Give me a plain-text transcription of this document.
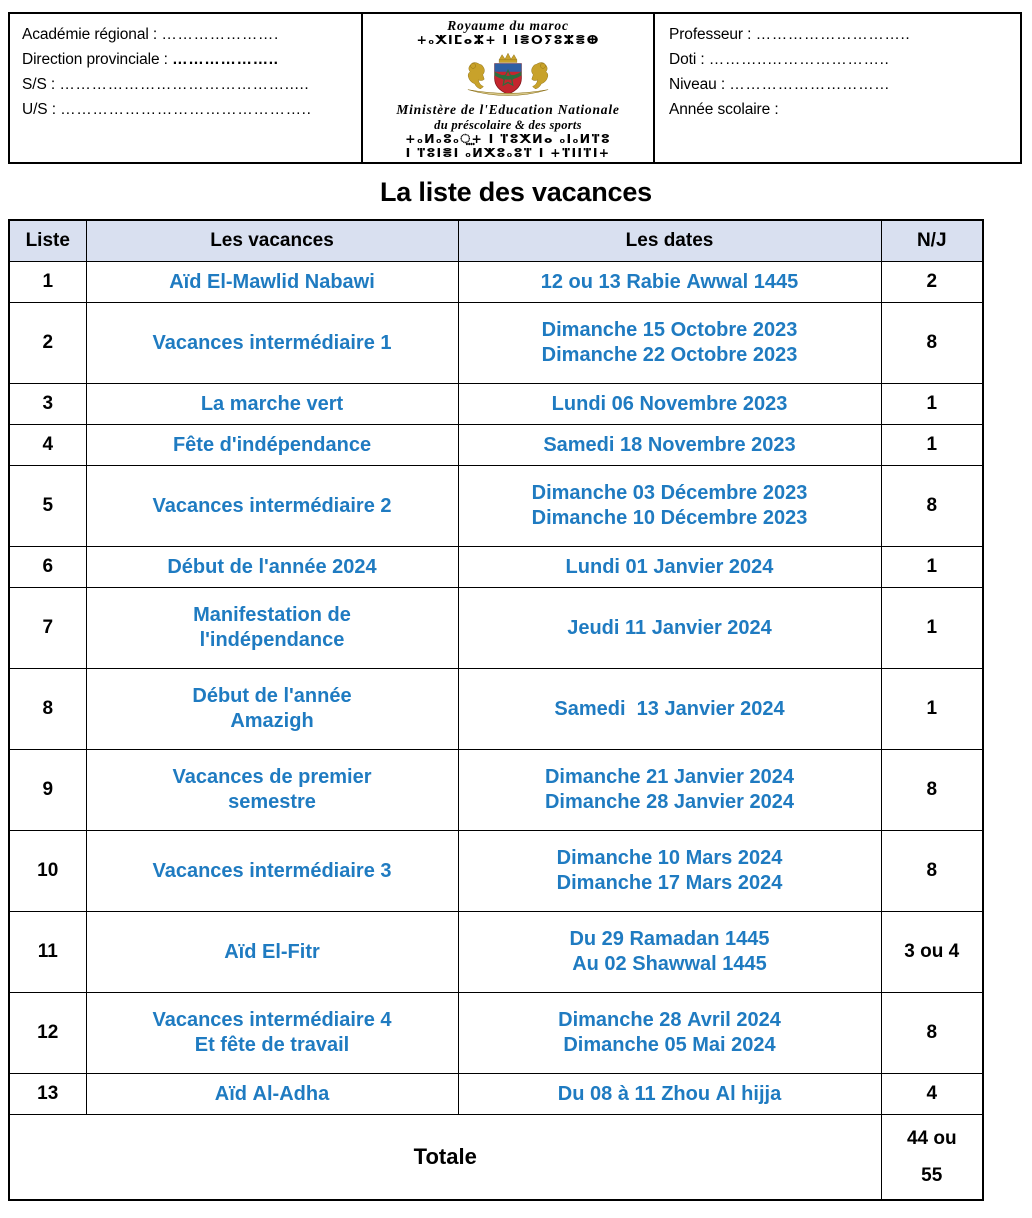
Académie régional : ………………….
Direction provinciale : ………………..
S/S : …………………………………….....
U/S : ………………………………………..
Royaume du maroc
+ₒⵅⵏⵎⴰⵣ+ Ⅰ ⵏⴻⵔⵢⵓⵣⴻⴲ
Ministère de l'Education Nationale
du préscolaire & des sports
+ₒⵍₒⵓₒ⵿+ Ⅰ ⴶⵓⵅⵍⴰ ₒⅠₒⵍⴶⵓ
ⵏ ⴶⵓⵏⴻⵏ ₒⵍⵅⵓₒⵓⴶ ⵏ +ⴶⅠⅠⴶⅠ+
Professeur : ………………………..
Doti : ………..…………………..
Niveau : …………………………
Année scolaire :
La liste des vacances
Liste	Les vacances	Les dates	N/J
1	Aïd El-Mawlid Nabawi	12 ou 13 Rabie Awwal 1445	2
2	Vacances intermédiaire 1	Dimanche 15 Octobre 2023
Dimanche 22 Octobre 2023	8
3	La marche vert	Lundi 06 Novembre 2023	1
4	Fête d'indépendance	Samedi 18 Novembre 2023	1
5	Vacances intermédiaire 2	Dimanche 03 Décembre 2023
Dimanche 10 Décembre 2023	8
6	Début de l'année 2024	Lundi 01 Janvier 2024	1
7	Manifestation de
l'indépendance	Jeudi 11 Janvier 2024	1
8	Début de l'année
Amazigh	Samedi  13 Janvier 2024	1
9	Vacances de premier
semestre	Dimanche 21 Janvier 2024
Dimanche 28 Janvier 2024	8
10	Vacances intermédiaire 3	Dimanche 10 Mars 2024
Dimanche 17 Mars 2024	8
11	Aïd El-Fitr	Du 29 Ramadan 1445
Au 02 Shawwal 1445	3 ou 4
12	Vacances intermédiaire 4
Et fête de travail	Dimanche 28 Avril 2024
Dimanche 05 Mai 2024	8
13	Aïd Al-Adha	Du 08 à 11 Zhou Al hijja	4
Totale			44 ou
55
